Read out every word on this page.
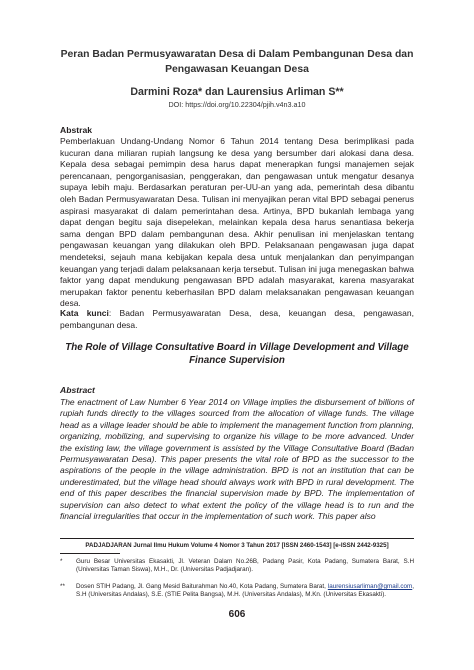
Peran Badan Permusyawaratan Desa di Dalam Pembangunan Desa dan
Pengawasan Keuangan Desa
Darmini Roza* dan Laurensius Arliman S**
DOI: https://doi.org/10.22304/pjih.v4n3.a10
Abstrak

Pemberlakuan Undang-Undang Nomor 6 Tahun 2014 tentang Desa berimplikasi pada kucuran dana miliaran rupiah langsung ke desa yang bersumber dari alokasi dana desa. Kepala desa sebagai pemimpin desa harus dapat menerapkan fungsi manajemen sejak perencanaan, pengorganisasian, penggerakan, dan pengawasan untuk mengatur desanya supaya lebih maju. Berdasarkan peraturan per-UU-an yang ada, pemerintah desa dibantu oleh Badan Permusyawaratan Desa. Tulisan ini menyajikan peran vital BPD sebagai penerus aspirasi masyarakat di dalam pemerintahan desa. Artinya, BPD bukanlah lembaga yang dapat dengan begitu saja disepelekan, melainkan kepala desa harus senantiasa bekerja sama dengan BPD dalam pembangunan desa. Akhir penulisan ini menjelaskan tentang pengawasan keuangan yang dilakukan oleh BPD. Pelaksanaan pengawasan juga dapat mendeteksi, sejauh mana kebijakan kepala desa untuk menjalankan dan penyimpangan keuangan yang terjadi dalam pelaksanaan kerja tersebut. Tulisan ini juga menegaskan bahwa faktor yang dapat mendukung pengawasan BPD adalah masyarakat, karena masyarakat merupakan faktor penentu keberhasilan BPD dalam melaksanakan pengawasan keuangan desa.

Kata kunci: Badan Permusyawaratan Desa, desa, keuangan desa, pengawasan, pembangunan desa.

The Role of Village Consultative Board in Village Development and Village
Finance Supervision
Abstract

The enactment of Law Number 6 Year 2014 on Village implies the disbursement of billions of rupiah funds directly to the villages sourced from the allocation of village funds. The village head as a village leader should be able to implement the management function from planning, organizing, mobilizing, and supervising to organize his village to be more advanced. Under the existing law, the village government is assisted by the Village Consultative Board (Badan Permusyawaratan Desa). This paper presents the vital role of BPD as the successor to the aspirations of the people in the village administration. BPD is not an institution that can be underestimated, but the village head should always work with BPD in rural development. The end of this paper describes the financial supervision made by BPD. The implementation of supervision can also detect to what extent the policy of the village head is to run and the financial irregularities that occur in the implementation of such work. This paper also

PADJADJARAN Jurnal Ilmu Hukum Volume 4 Nomor 3 Tahun 2017 [ISSN 2460-1543] [e-ISSN 2442-9325]
*	Guru Besar Universitas Ekasakti, Jl. Veteran Dalam No.26B, Padang Pasir, Kota Padang, Sumatera Barat, S.H (Universitas Taman Siswa), M.H., Dr. (Universitas Padjadjaran).
**	Dosen STIH Padang, Jl. Gang Mesid Baiturahman No.40, Kota Padang, Sumatera Barat, laurensiusarliman@gmail.com, S.H (Universitas Andalas), S.E. (STIE Pelita Bangsa), M.H. (Universitas Andalas), M.Kn. (Universitas Ekasakti).
606
